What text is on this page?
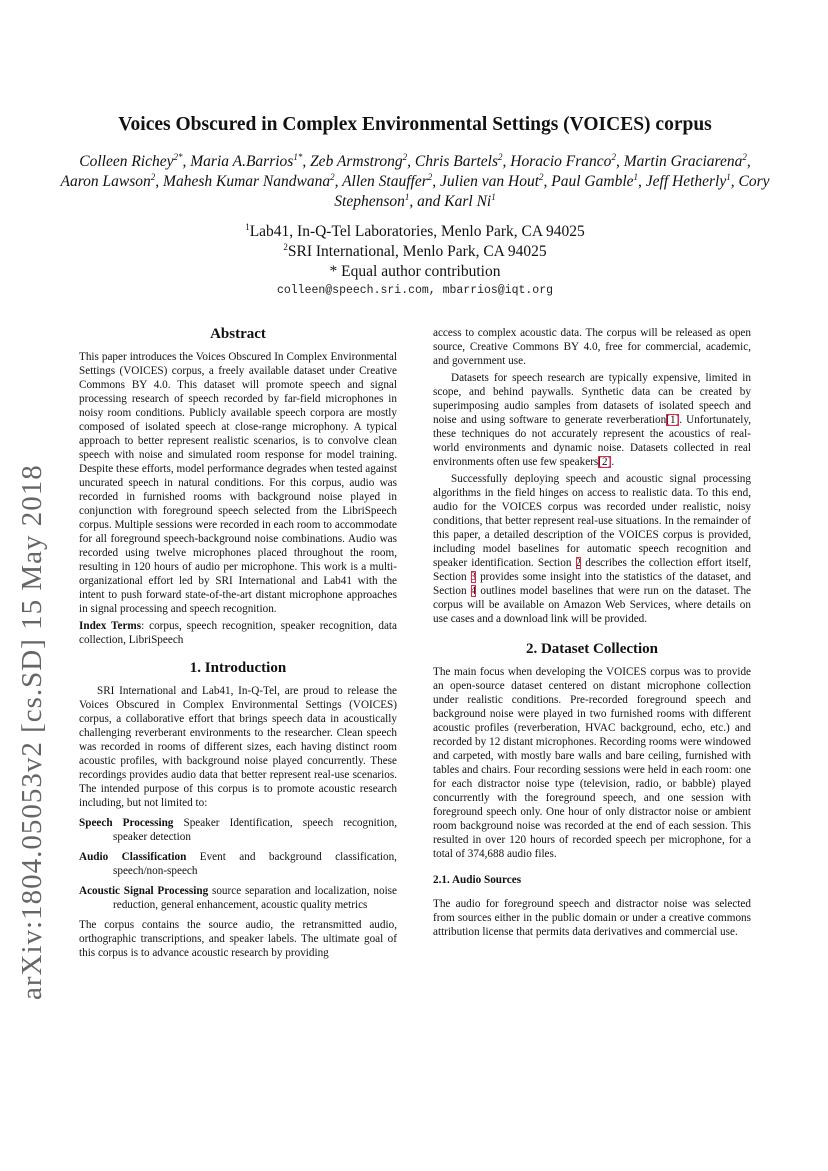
arXiv:1804.05053v2 [cs.SD] 15 May 2018
Voices Obscured in Complex Environmental Settings (VOICES) corpus
Colleen Richey$^{2*}$, Maria A.Barrios$^{1*}$, Zeb Armstrong$^2$, Chris Bartels$^2$, Horacio Franco$^2$, Martin Graciarena$^2$, Aaron Lawson$^2$, Mahesh Kumar Nandwana$^2$, Allen Stauffer$^2$, Julien van Hout$^2$, Paul Gamble$^1$, Jeff Hetherly$^1$, Cory Stephenson$^1$, and Karl Ni$^1$
$^1$Lab41, In-Q-Tel Laboratories, Menlo Park, CA 94025
$^2$SRI International, Menlo Park, CA 94025
* Equal author contribution
colleen@speech.sri.com, mbarrios@iqt.org
Abstract

This paper introduces the Voices Obscured In Complex Environmental Settings (VOICES) corpus, a freely available dataset under Creative Commons BY 4.0. This dataset will promote speech and signal processing research of speech recorded by far-field microphones in noisy room conditions. Publicly available speech corpora are mostly composed of isolated speech at close-range microphony. A typical approach to better represent realistic scenarios, is to convolve clean speech with noise and simulated room response for model training. Despite these efforts, model performance degrades when tested against uncurated speech in natural conditions. For this corpus, audio was recorded in furnished rooms with background noise played in conjunction with foreground speech selected from the LibriSpeech corpus. Multiple sessions were recorded in each room to accommodate for all foreground speech-background noise combinations. Audio was recorded using twelve microphones placed throughout the room, resulting in 120 hours of audio per microphone. This work is a multi-organizational effort led by SRI International and Lab41 with the intent to push forward state-of-the-art distant microphone approaches in signal processing and speech recognition.

Index Terms: corpus, speech recognition, speaker recognition, data collection, LibriSpeech

1. Introduction

SRI International and Lab41, In-Q-Tel, are proud to release the Voices Obscured in Complex Environmental Settings (VOICES) corpus, a collaborative effort that brings speech data in acoustically challenging reverberant environments to the researcher. Clean speech was recorded in rooms of different sizes, each having distinct room acoustic profiles, with background noise played concurrently. These recordings provides audio data that better represent real-use scenarios. The intended purpose of this corpus is to promote acoustic research including, but not limited to:

Speech Processing Speaker Identification, speech recognition, speaker detection
Audio Classification Event and background classification, speech/non-speech
Acoustic Signal Processing source separation and localization, noise reduction, general enhancement, acoustic quality metrics

The corpus contains the source audio, the retransmitted audio, orthographic transcriptions, and speaker labels. The ultimate goal of this corpus is to advance acoustic research by providing

access to complex acoustic data. The corpus will be released as open source, Creative Commons BY 4.0, free for commercial, academic, and government use.

Datasets for speech research are typically expensive, limited in scope, and behind paywalls. Synthetic data can be created by superimposing audio samples from datasets of isolated speech and noise and using software to generate reverberation[1]. Unfortunately, these techniques do not accurately represent the acoustics of real-world environments and dynamic noise. Datasets collected in real environments often use few speakers[2].

Successfully deploying speech and acoustic signal processing algorithms in the field hinges on access to realistic data. To this end, audio for the VOICES corpus was recorded under realistic, noisy conditions, that better represent real-use situations. In the remainder of this paper, a detailed description of the VOICES corpus is provided, including model baselines for automatic speech recognition and speaker identification. Section 2 describes the collection effort itself, Section 3 provides some insight into the statistics of the dataset, and Section 4 outlines model baselines that were run on the dataset. The corpus will be available on Amazon Web Services, where details on use cases and a download link will be provided.

2. Dataset Collection

The main focus when developing the VOICES corpus was to provide an open-source dataset centered on distant microphone collection under realistic conditions. Pre-recorded foreground speech and background noise were played in two furnished rooms with different acoustic profiles (reverberation, HVAC background, echo, etc.) and recorded by 12 distant microphones. Recording rooms were windowed and carpeted, with mostly bare walls and bare ceiling, furnished with tables and chairs. Four recording sessions were held in each room: one for each distractor noise type (television, radio, or babble) played concurrently with the foreground speech, and one session with foreground speech only. One hour of only distractor noise or ambient room background noise was recorded at the end of each session. This resulted in over 120 hours of recorded speech per microphone, for a total of 374,688 audio files.

2.1. Audio Sources

The audio for foreground speech and distractor noise was selected from sources either in the public domain or under a creative commons attribution license that permits data derivatives and commercial use.
